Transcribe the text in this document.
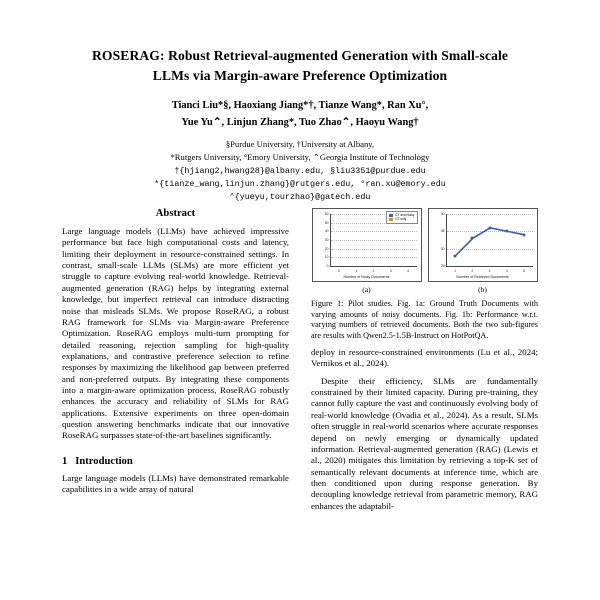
ROSERAG: Robust Retrieval-augmented Generation with Small-scale
LLMs via Margin-aware Preference Optimization
Tianci Liu*§, Haoxiang Jiang*†, Tianze Wang*, Ran Xu°,
Yue Yu⌃, Linjun Zhang*, Tuo Zhao⌃, Haoyu Wang†
§Purdue University, †University at Albany,
*Rutgers University, °Emory University, ⌃Georgia Institute of Technology
†{hjiang2,hwang28}@albany.edu, §liu3351@purdue.edu
*{tianze_wang,linjun.zhang}@rutgers.edu, °ran.xu@emory.edu
⌃{yueyu,tourzhao}@gatech.edu
Abstract

Large language models (LLMs) have achieved impressive performance but face high computational costs and latency, limiting their deployment in resource-constrained settings. In contrast, small-scale LLMs (SLMs) are more efficient yet struggle to capture evolving real-world knowledge. Retrieval-augmented generation (RAG) helps by integrating external knowledge, but imperfect retrieval can introduce distracting noise that misleads SLMs. We propose RoseRAG, a robust RAG framework for SLMs via Margin-aware Preference Optimization. RoseRAG employs multi-turn prompting for detailed reasoning, rejection sampling for high-quality explanations, and contrastive preference selection to refine responses by maximizing the likelihood gap between preferred and non-preferred outputs. By integrating these components into a margin-aware optimization process, RoseRAG robustly enhances the accuracy and reliability of SLMs for RAG applications. Extensive experiments on three open-domain question answering benchmarks indicate that our innovative RoseRAG surpasses state-of-the-art baselines significantly.

1 Introduction

Large language models (LLMs) have demonstrated remarkable capabilities in a wide array of natural

0
10
20
30
40
50
60
0	1	2	3	4
GT and Noisy
GT only
Number of Noisy Documents
(a)
25
30
35
40
1	2	3	4	5
Number of Retrieved Documents
(b)
Figure 1: Pilot studies. Fig. 1a: Ground Truth Documents with varying amounts of noisy documents. Fig. 1b: Performance w.r.t. varying numbers of retrieved documents. Both the two sub-figures are results with Qwen2.5-1.5B-Instruct on HotPotQA.

deploy in resource-constrained environments (Lu et al., 2024; Vernikos et al., 2024).

Despite their efficiency, SLMs are fundamentally constrained by their limited capacity. During pre-training, they cannot fully capture the vast and continuously evolving body of real-world knowledge (Ovadia et al., 2024). As a result, SLMs often struggle in real-world scenarios where accurate responses depend on newly emerging or dynamically updated information. Retrieval-augmented generation (RAG) (Lewis et al., 2020) mitigates this limitation by retrieving a top-K set of semantically relevant documents at inference time, which are then conditioned upon during response generation. By decoupling knowledge retrieval from parametric memory, RAG enhances the adaptabil-
